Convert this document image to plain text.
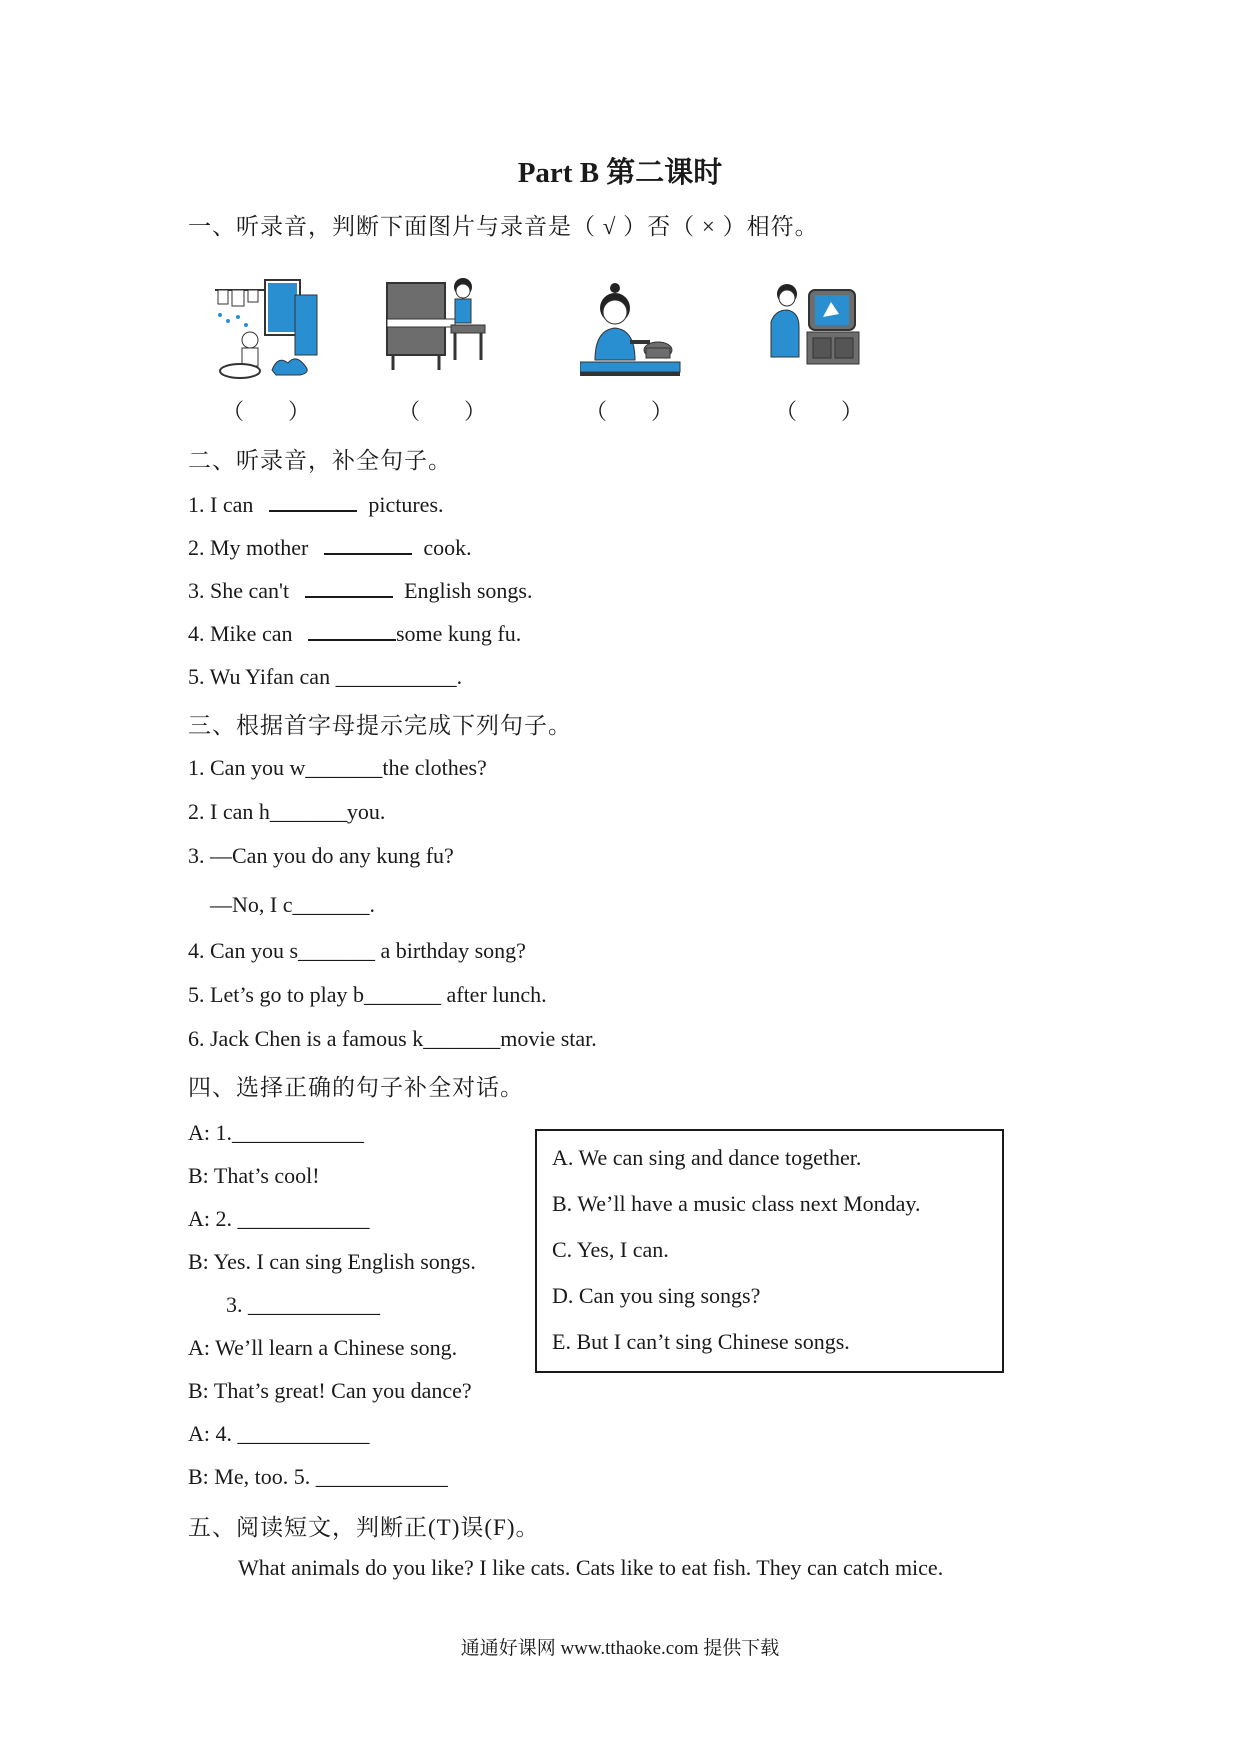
Part B 第二课时
一、听录音，判断下面图片与录音是（ √ ）否（ × ）相符。
（　　）	（　　）	（　　）	（　　）
二、听录音，补全句子。
1. I can	pictures.
2. My mother	cook.
3. She can't	English songs.
4. Mike can	some kung fu.
5. Wu Yifan can ___________.
三、根据首字母提示完成下列句子。
1. Can you w_______the clothes?
2. I can h_______you.
3. —Can you do any kung fu?
—No, I c_______.
4. Can you s_______ a birthday song?
5. Let’s go to play b_______ after lunch.
6. Jack Chen is a famous k_______movie star.
四、选择正确的句子补全对话。
A: 1.____________
B: That’s cool!
A: 2. ____________
B: Yes. I can sing English songs.
3. ____________
A: We’ll learn a Chinese song.
B: That’s great! Can you dance?
A: 4. ____________
B: Me, too. 5. ____________
A. We can sing and dance together.
B. We’ll have a music class next Monday.
C. Yes, I can.
D. Can you sing songs?
E. But I can’t sing Chinese songs.
五、阅读短文，判断正(T)误(F)。
What animals do you like? I like cats. Cats like to eat fish. They can catch mice.
通通好课网 www.tthaoke.com 提供下载
